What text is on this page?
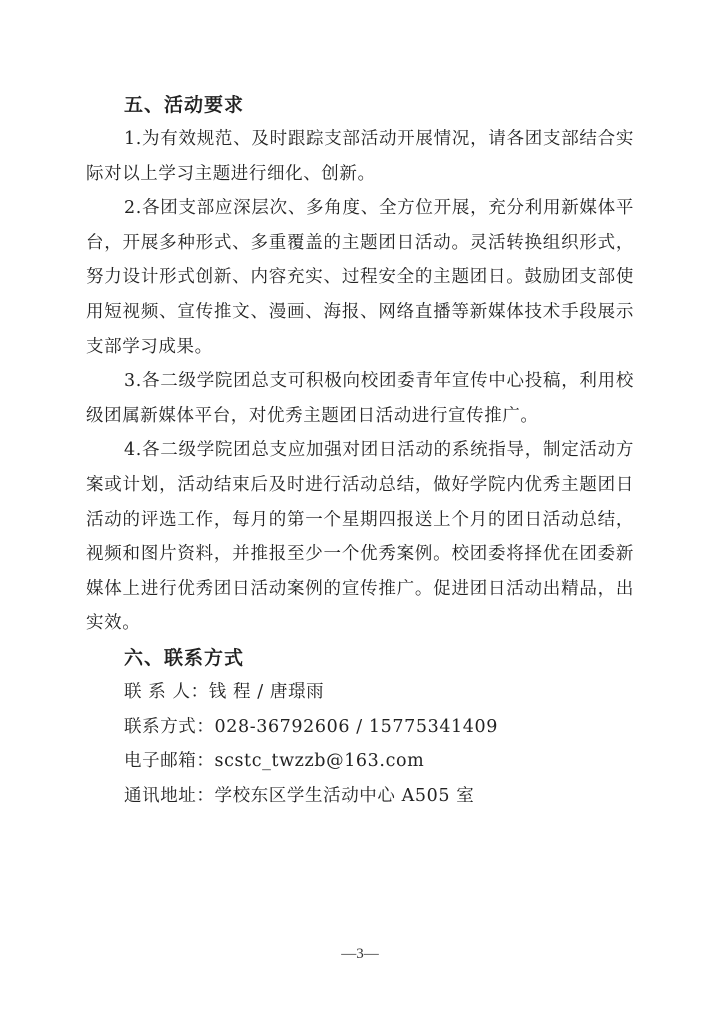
五、活动要求

1.为有效规范、及时跟踪支部活动开展情况，请各团支部结合实际对以上学习主题进行细化、创新。

2.各团支部应深层次、多角度、全方位开展，充分利用新媒体平台，开展多种形式、多重覆盖的主题团日活动。灵活转换组织形式，努力设计形式创新、内容充实、过程安全的主题团日。鼓励团支部使用短视频、宣传推文、漫画、海报、网络直播等新媒体技术手段展示支部学习成果。

3.各二级学院团总支可积极向校团委青年宣传中心投稿，利用校级团属新媒体平台，对优秀主题团日活动进行宣传推广。

4.各二级学院团总支应加强对团日活动的系统指导，制定活动方案或计划，活动结束后及时进行活动总结，做好学院内优秀主题团日活动的评选工作，每月的第一个星期四报送上个月的团日活动总结，视频和图片资料，并推报至少一个优秀案例。校团委将择优在团委新媒体上进行优秀团日活动案例的宣传推广。促进团日活动出精品，出实效。

六、联系方式

联 系 人：钱 程 / 唐璟雨

联系方式：028-36792606 / 15775341409

电子邮箱：scstc_twzzb@163.com

通讯地址：学校东区学生活动中心 A505 室

—3—
